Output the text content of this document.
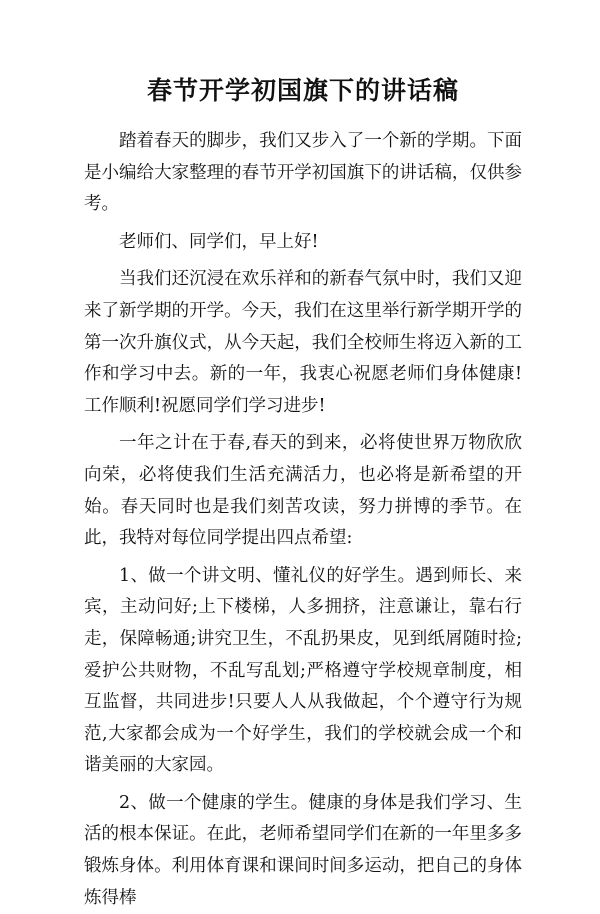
春节开学初国旗下的讲话稿

踏着春天的脚步，我们又步入了一个新的学期。下面是小编给大家整理的春节开学初国旗下的讲话稿，仅供参考。

老师们、同学们，早上好!

当我们还沉浸在欢乐祥和的新春气氛中时，我们又迎来了新学期的开学。今天，我们在这里举行新学期开学的第一次升旗仪式，从今天起，我们全校师生将迈入新的工作和学习中去。新的一年，我衷心祝愿老师们身体健康!工作顺利!祝愿同学们学习进步!

一年之计在于春,春天的到来，必将使世界万物欣欣向荣，必将使我们生活充满活力，也必将是新希望的开始。春天同时也是我们刻苦攻读，努力拼博的季节。在此，我特对每位同学提出四点希望:

1、做一个讲文明、懂礼仪的好学生。遇到师长、来宾，主动问好;上下楼梯，人多拥挤，注意谦让，靠右行走，保障畅通;讲究卫生，不乱扔果皮，见到纸屑随时捡;爱护公共财物，不乱写乱划;严格遵守学校规章制度，相互监督，共同进步!只要人人从我做起，个个遵守行为规范,大家都会成为一个好学生，我们的学校就会成一个和谐美丽的大家园。

2、做一个健康的学生。健康的身体是我们学习、生活的根本保证。在此，老师希望同学们在新的一年里多多锻炼身体。利用体育课和课间时间多运动，把自己的身体炼得棒
